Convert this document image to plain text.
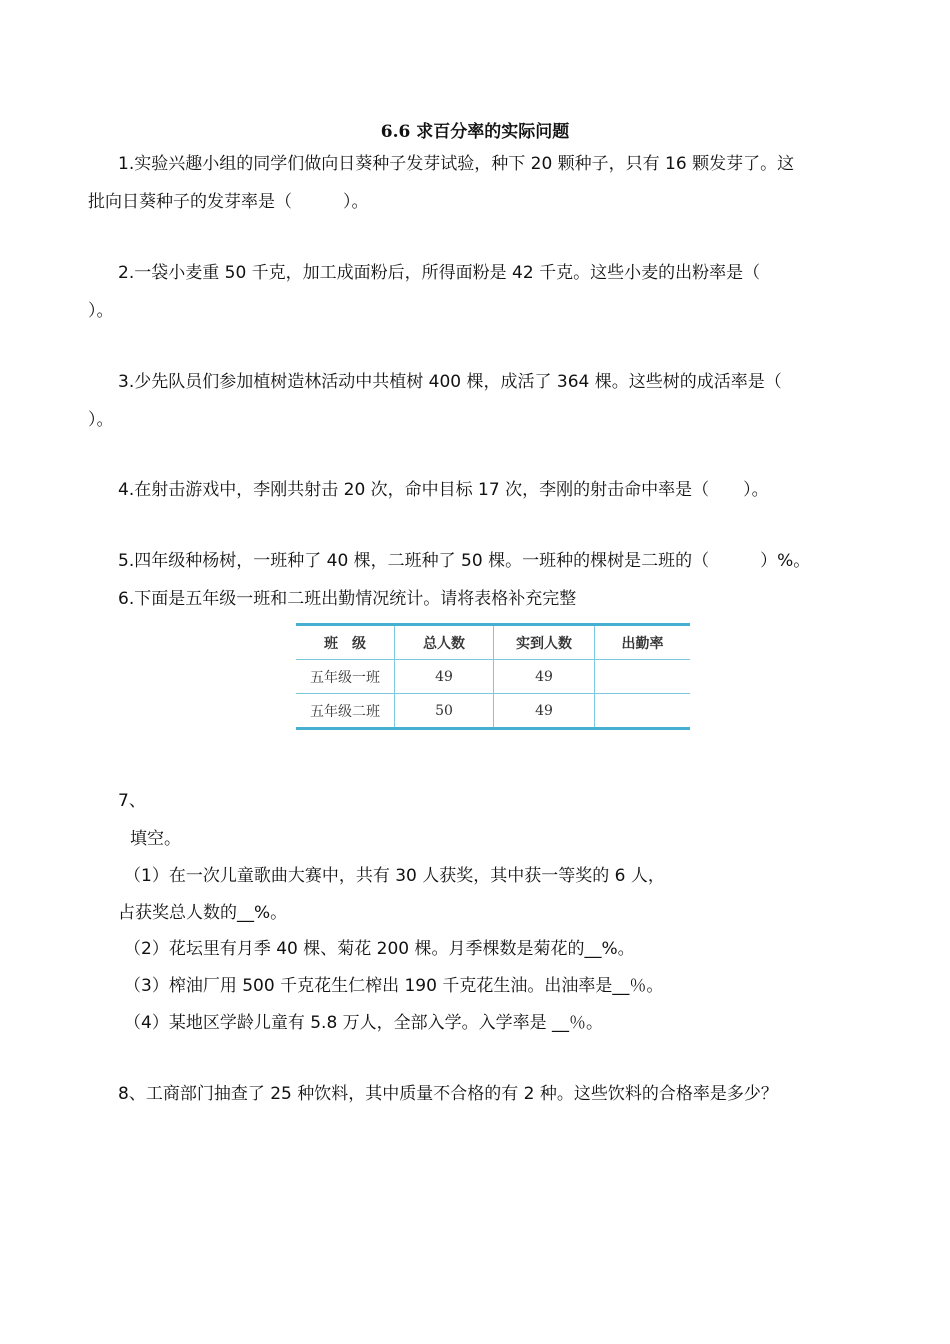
6.6 求百分率的实际问题
1.实验兴趣小组的同学们做向日葵种子发芽试验，种下 20 颗种子，只有 16 颗发芽了。这
批向日葵种子的发芽率是（　　　）。
2.一袋小麦重 50 千克，加工成面粉后，所得面粉是 42 千克。这些小麦的出粉率是（
）。
3.少先队员们参加植树造林活动中共植树 400 棵，成活了 364 棵。这些树的成活率是（
）。
4.在射击游戏中，李刚共射击 20 次，命中目标 17 次，李刚的射击命中率是（　　）。
5.四年级种杨树，一班种了 40 棵，二班种了 50 棵。一班种的棵树是二班的（　　　）%。
6.下面是五年级一班和二班出勤情况统计。请将表格补充完整
班　级	总人数	实到人数	出勤率
五年级一班	49	49	
五年级二班	50	49	
7、
填空。
（1）在一次儿童歌曲大赛中，共有 30 人获奖，其中获一等奖的 6 人，
占获奖总人数的__%。
（2）花坛里有月季 40 棵、菊花 200 棵。月季棵数是菊花的__%。
（3）榨油厂用 500 千克花生仁榨出 190 千克花生油。出油率是__％。
（4）某地区学龄儿童有 5.8 万人，全部入学。入学率是 __％。
8、工商部门抽查了 25 种饮料，其中质量不合格的有 2 种。这些饮料的合格率是多少？
